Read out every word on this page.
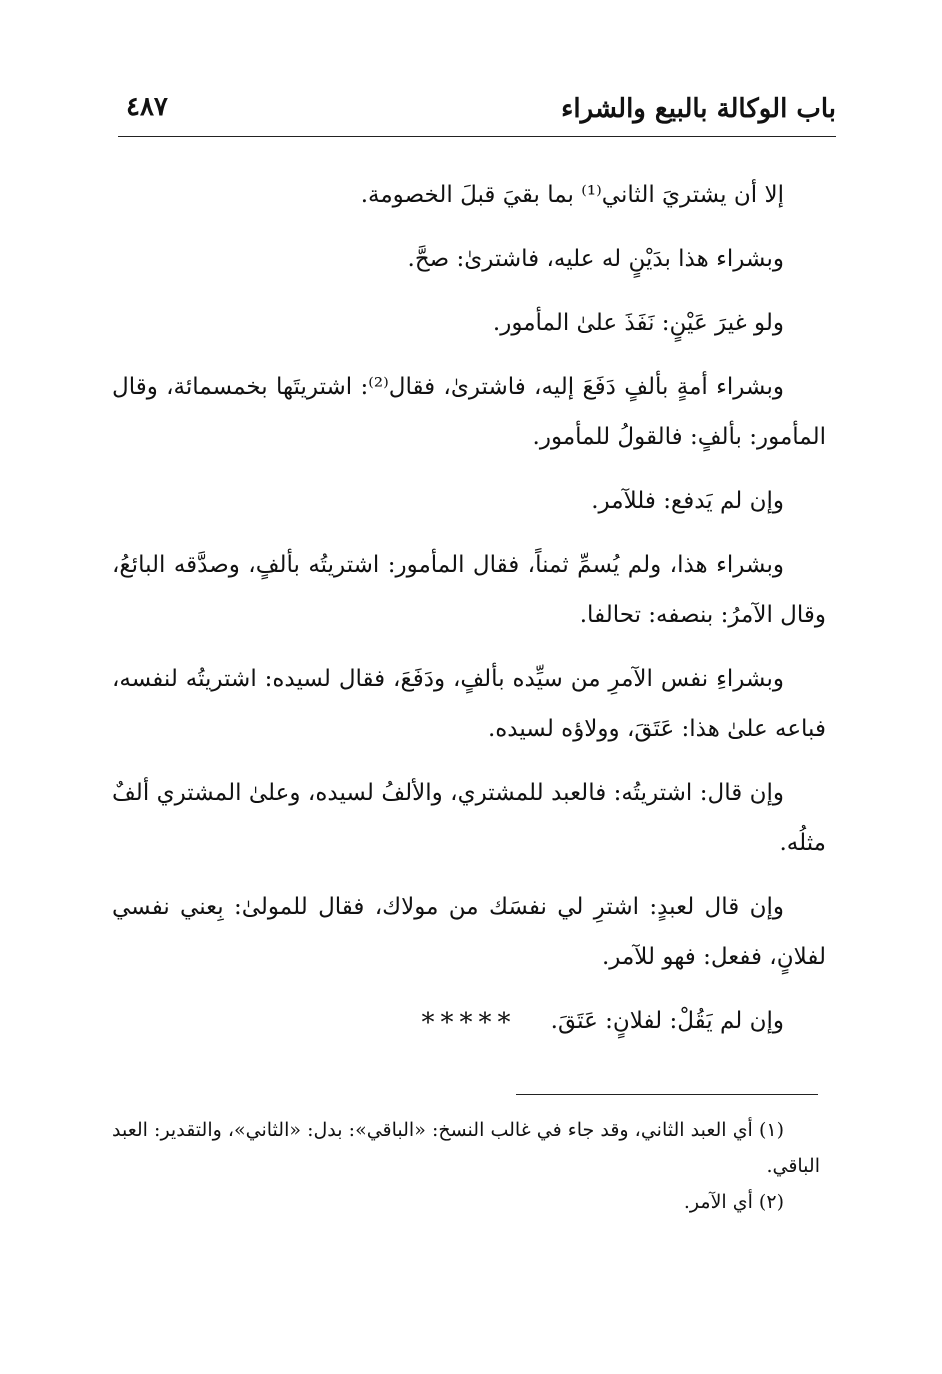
باب الوكالة بالبيع والشراء
٤٨٧

إلا أن يشتريَ الثاني⁽¹⁾ بما بقيَ قبلَ الخصومة.

وبشراء هذا بدَيْنٍ له عليه، فاشترىٰ: صحَّ.

ولو غيرَ عَيْنٍ: نَفَذَ علىٰ المأمور.

وبشراء أمةٍ بألفٍ دَفَعَ إليه، فاشترىٰ، فقال⁽²⁾: اشتريتَها بخمسمائة، وقال المأمور: بألفٍ: فالقولُ للمأمور.

وإن لم يَدفع: فللآمر.

وبشراء هذا، ولم يُسمِّ ثمناً، فقال المأمور: اشتريتُه بألفٍ، وصدَّقه البائعُ، وقال الآمرُ: بنصفه: تحالفا.

وبشراءِ نفس الآمرِ من سيِّده بألفٍ، ودَفَعَ، فقال لسيده: اشتريتُه لنفسه، فباعه علىٰ هذا: عَتَقَ، وولاؤه لسيده.

وإن قال: اشتريتُه: فالعبد للمشتري، والألفُ لسيده، وعلىٰ المشتري ألفٌ مثلُه.

وإن قال لعبدٍ: اشترِ لي نفسَك من مولاك، فقال للمولىٰ: بِعني نفسي لفلانٍ، ففعل: فهو للآمر.

وإن لم يَقُلْ: لفلانٍ: عَتَقَ.

*****

(١) أي العبد الثاني، وقد جاء في غالب النسخ: «الباقي»: بدل: «الثاني»، والتقدير: العبد الباقي.

(٢) أي الآمر.
